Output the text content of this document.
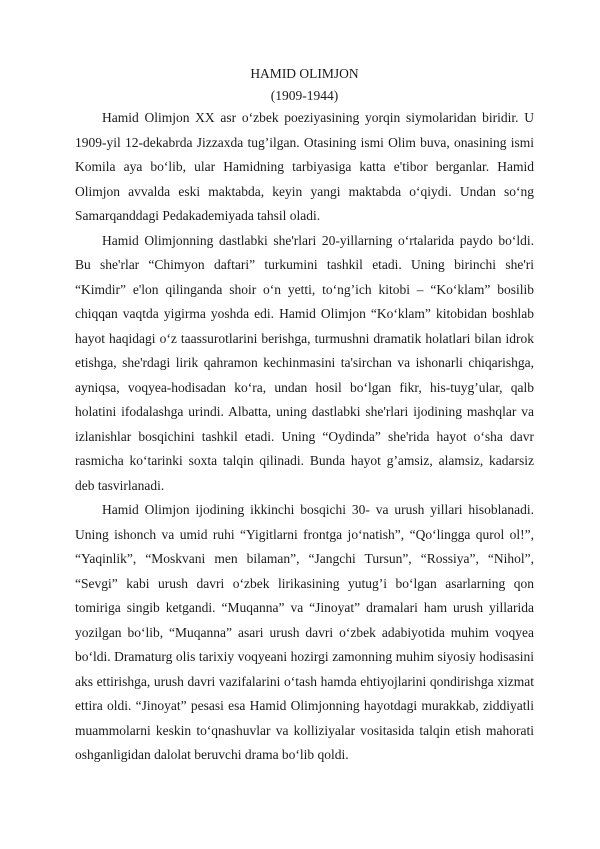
HAMID OLIMJON

(1909-1944)

Hamid Olimjon XX asr o‘zbek poeziyasining yorqin siymolaridan biridir. U 1909-yil 12-dekabrda Jizzaxda tug’ilgan. Otasining ismi Olim buva, onasining ismi Komila aya bo‘lib, ular Hamidning tarbiyasiga katta e'tibor berganlar. Hamid Olimjon avvalda eski maktabda, keyin yangi maktabda o‘qiydi. Undan so‘ng Samarqanddagi Pedakademiyada tahsil oladi.

Hamid Olimjonning dastlabki she'rlari 20-yillarning o‘rtalarida paydo bo‘ldi. Bu she'rlar “Chimyon daftari” turkumini tashkil etadi. Uning birinchi she'ri “Kimdir” e'lon qilinganda shoir o‘n yetti, to‘ng’ich kitobi – “Ko‘klam” bosilib chiqqan vaqtda yigirma yoshda edi. Hamid Olimjon “Ko‘klam” kitobidan boshlab hayot haqidagi o‘z taassurotlarini berishga, turmushni dramatik holatlari bilan idrok etishga, she'rdagi lirik qahramon kechinmasini ta'sirchan va ishonarli chiqarishga, ayniqsa, voqyea-hodisadan ko‘ra, undan hosil bo‘lgan fikr, his-tuyg’ular, qalb holatini ifodalashga urindi. Albatta, uning dastlabki she'rlari ijodining mashqlar va izlanishlar bosqichini tashkil etadi. Uning “Oydinda” she'rida hayot o‘sha davr rasmicha ko‘tarinki soxta talqin qilinadi. Bunda hayot g’amsiz, alamsiz, kadarsiz deb tasvirlanadi.

Hamid Olimjon ijodining ikkinchi bosqichi 30- va urush yillari hisoblanadi. Uning ishonch va umid ruhi “Yigitlarni frontga jo‘natish”, “Qo‘lingga qurol ol!”, “Yaqinlik”, “Moskvani men bilaman”, “Jangchi Tursun”, “Rossiya”, “Nihol”, “Sevgi” kabi urush davri o‘zbek lirikasining yutug’i bo‘lgan asarlarning qon tomiriga singib ketgandi. “Muqanna” va “Jinoyat” dramalari ham urush yillarida yozilgan bo‘lib, “Muqanna” asari urush davri o‘zbek adabiyotida muhim voqyea bo‘ldi. Dramaturg olis tarixiy voqyeani hozirgi zamonning muhim siyosiy hodisasini aks ettirishga, urush davri vazifalarini o‘tash hamda ehtiyojlarini qondirishga xizmat ettira oldi. “Jinoyat” pesasi esa Hamid Olimjonning hayotdagi murakkab, ziddiyatli muammolarni keskin to‘qnashuvlar va kolliziyalar vositasida talqin etish mahorati oshganligidan dalolat beruvchi drama bo‘lib qoldi.
